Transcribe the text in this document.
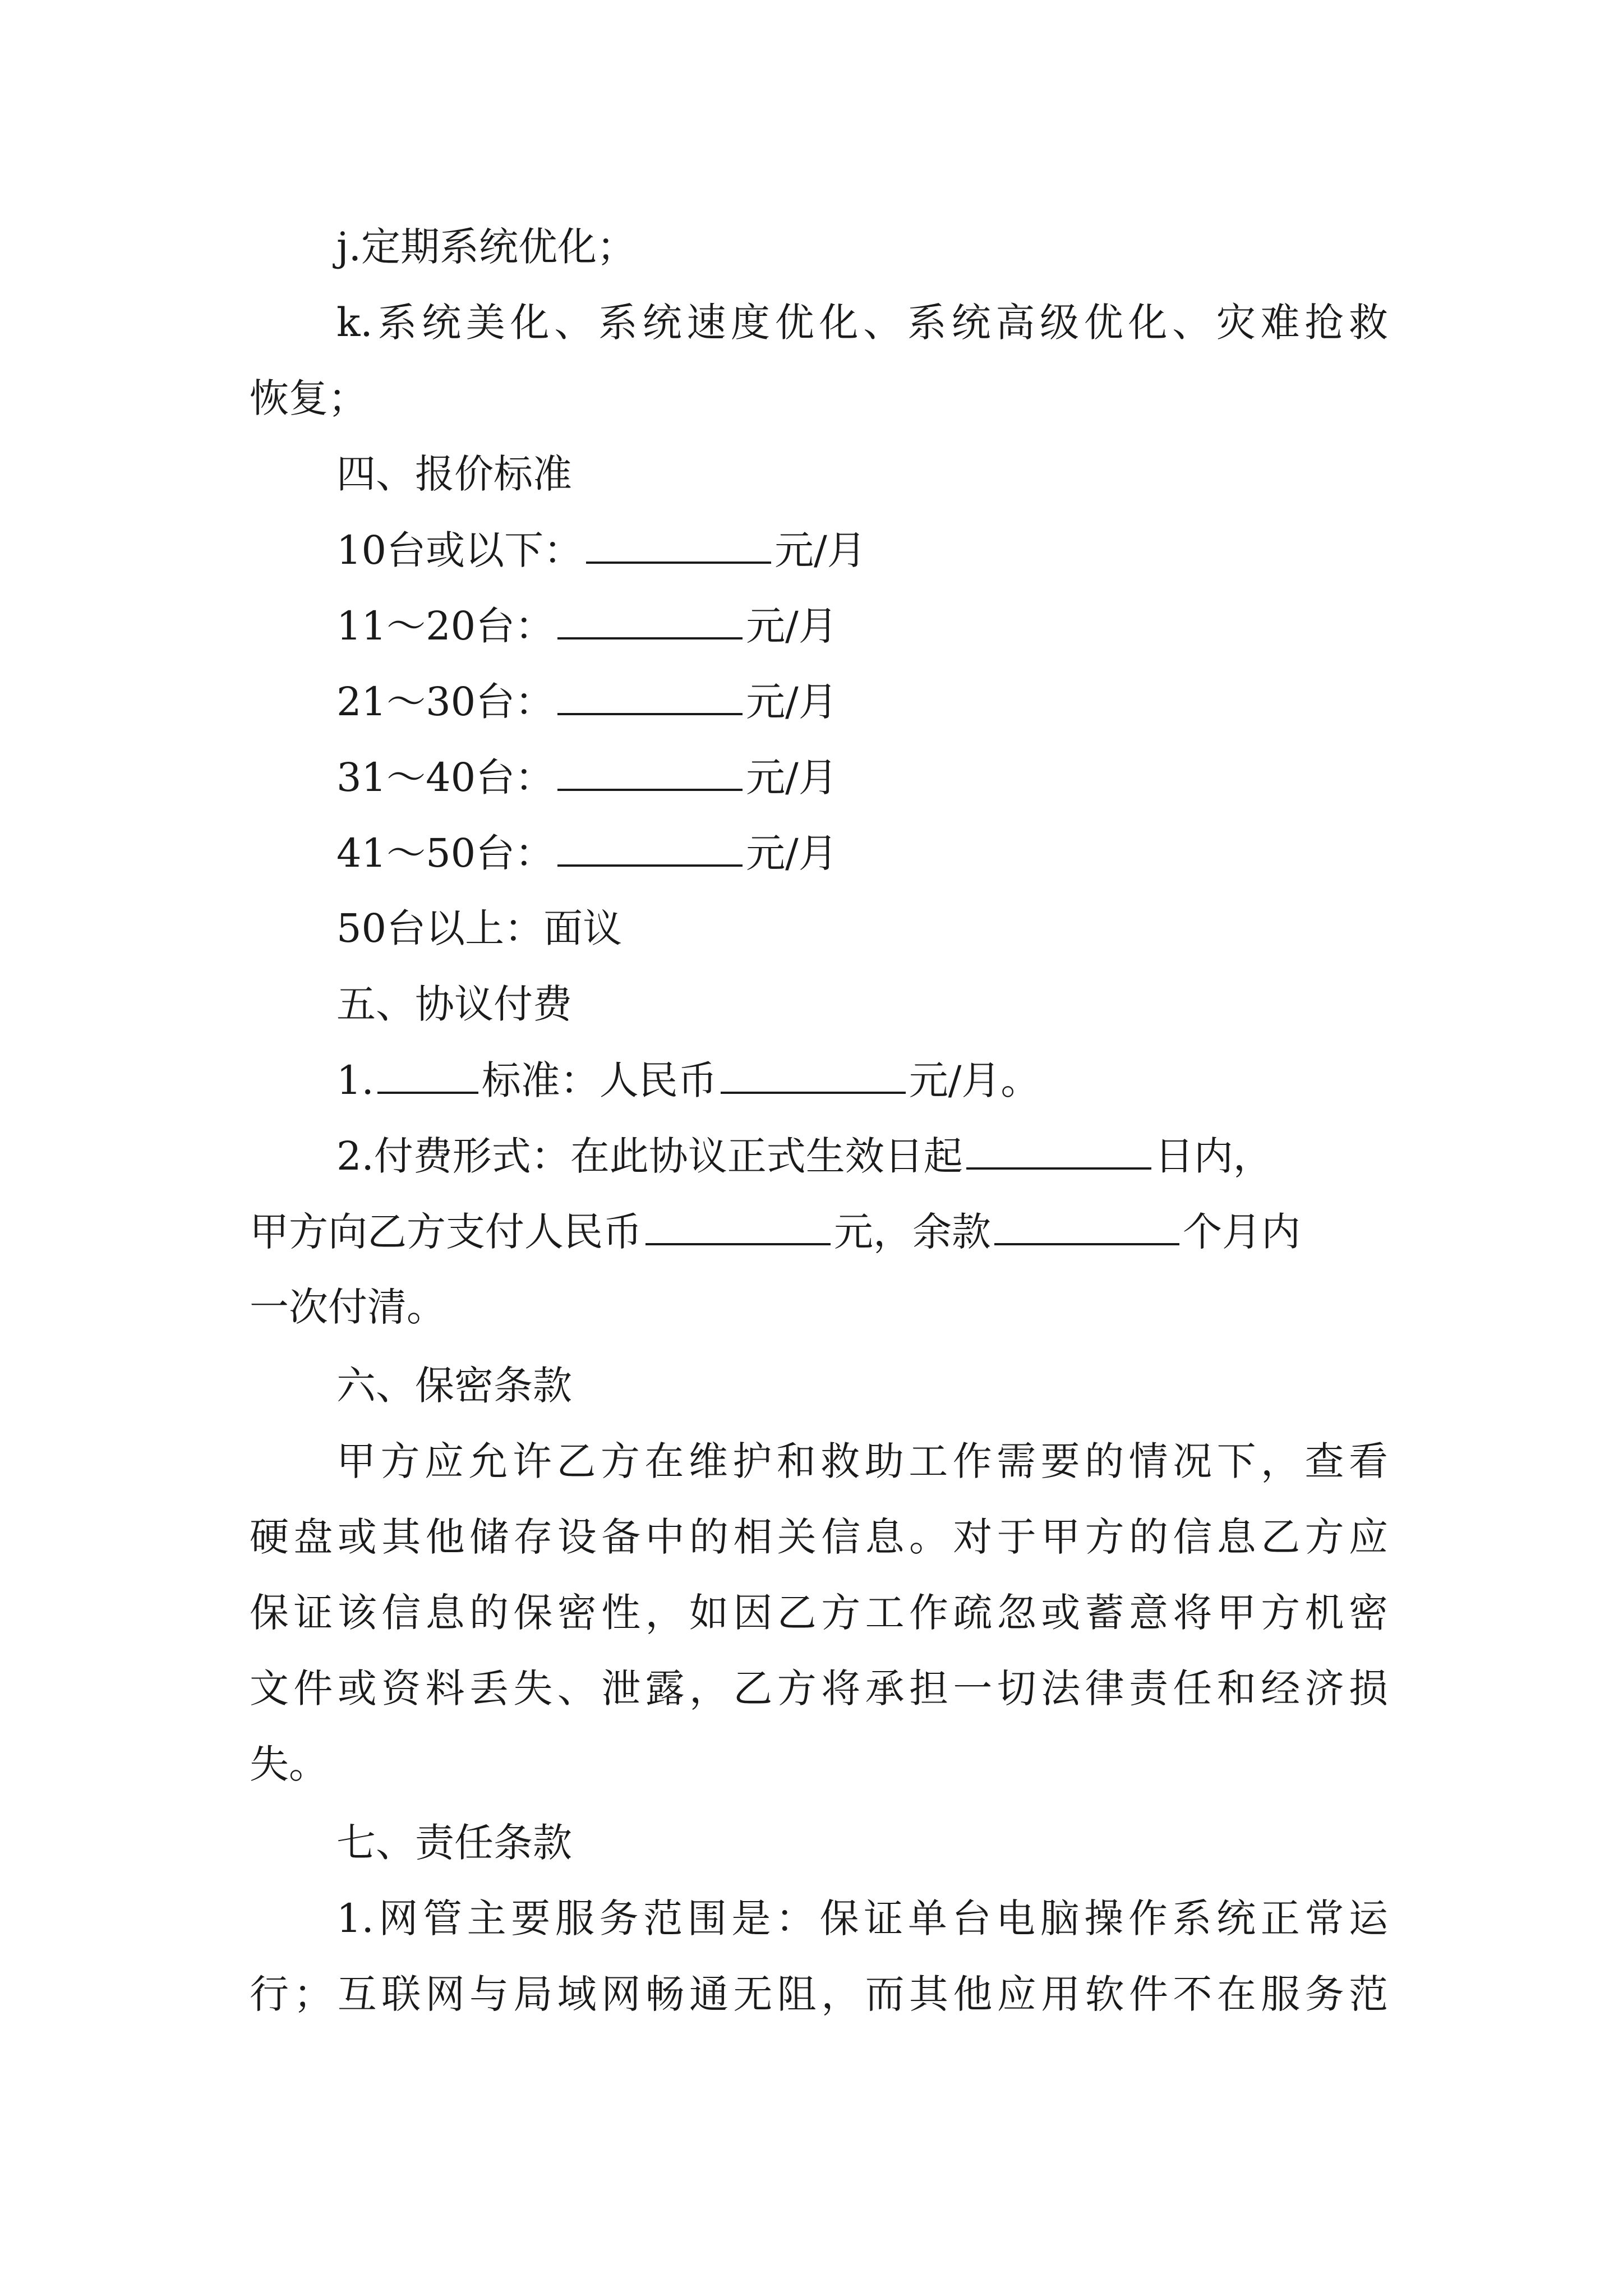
j.定期系统优化；
k.系统美化、系统速度优化、系统高级优化、灾难抢救
恢复；
四、报价标准
10台或以下：	元/月
11～20台：	元/月
21～30台：	元/月
31～40台：	元/月
41～50台：	元/月
50台以上：面议
五、协议付费
1.	标准：人民币	元/月。
2.付费形式：在此协议正式生效日起	日内，
甲方向乙方支付人民币	元，余款	个月内
一次付清。
六、保密条款
甲方应允许乙方在维护和救助工作需要的情况下，查看
硬盘或其他储存设备中的相关信息。对于甲方的信息乙方应
保证该信息的保密性，如因乙方工作疏忽或蓄意将甲方机密
文件或资料丢失、泄露，乙方将承担一切法律责任和经济损
失。
七、责任条款
1.网管主要服务范围是：保证单台电脑操作系统正常运
行；互联网与局域网畅通无阻，而其他应用软件不在服务范
